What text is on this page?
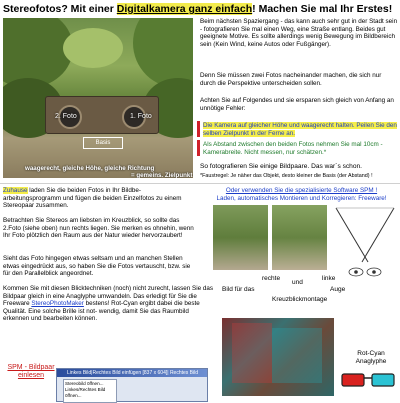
Stereofotos? Mit einer Digitalkamera ganz einfach! Machen Sie mal Ihr Erstes!
2. Foto	1. Foto
Basis
waagerecht, gleiche Höhe, gleiche Richtung
= gemeins. Zielpunkt
Beim nächsten Spaziergang - das kann auch sehr gut in der Stadt sein - fotografieren Sie mal einen Weg, eine Straße entlang. Beides gut geeignete Motive. Es sollte allerdings wenig Bewegung im Bildbereich sein (Kein Wind, keine Autos oder Fußgänger).
Denn Sie müssen zwei Fotos nacheinander machen, die sich nur durch die Perspektive unterscheiden sollen.
Achten Sie auf Folgendes und sie ersparen sich gleich von Anfang an unnötige Fehler:
Die Kamera auf gleicher Höhe und waagerecht halten. Peilen Sie den selben Zielpunkt in der Ferne an.
Als Abstand zwischen den beiden Fotos nehmen Sie mal 10cm - Kamerabreite. Nicht messen, nur schätzen.*
So fotografieren Sie einige Bildpaare. Das war´s schon.
*Faustregel: Je näher das Objekt, desto kleiner die Basis (der Abstand) !
Zuhause laden Sie die beiden Fotos in Ihr Bildbe- arbeitungsprogramm und fügen die beiden Einzelfotos zu einem Stereopaar zusammen.
Betrachten Sie Stereos am liebsten im Kreuzblick, so sollte das 2.Foto (siehe oben) nun rechts liegen. Sie merken es ohnehin, wenn Ihr Foto plötzlich den Raum aus der Natur wieder hervorzaubert!
Sieht das Foto hingegen etwas seltsam und an manchen Stellen etwas eingedrückt aus, so haben Sie die Fotos vertauscht, bzw. sie für den Parallelblick angeordnet.
Kommen Sie mit diesen Blicktechniken (noch) nicht zurecht, lassen Sie das Bildpaar gleich in eine Anaglyphe umwandeln. Das erledigt für Sie die Freeware StereoPhotoMaker bestens! Rot-Cyan ergibt dabei die beste Qualität. Eine solche Brille ist not- wendig, damit Sie das Raumbild erkennen und bearbeiten können.
Oder verwenden Sie die spezialisierte Software SPM !
Laden, automatisches Montieren und Korregieren: Freeware!
rechte
und
linke
Auge
Bild für das
Kreuzblickmontage
SPM - Bildpaar einlesen	Linkes Bild|Rechtes Bild einfügen [837 x 604]| Rechtes Bild
Stereobild öffnen...
Linkes/Rechtes Bild öffnen...
Rot-Cyan Anaglyphe
